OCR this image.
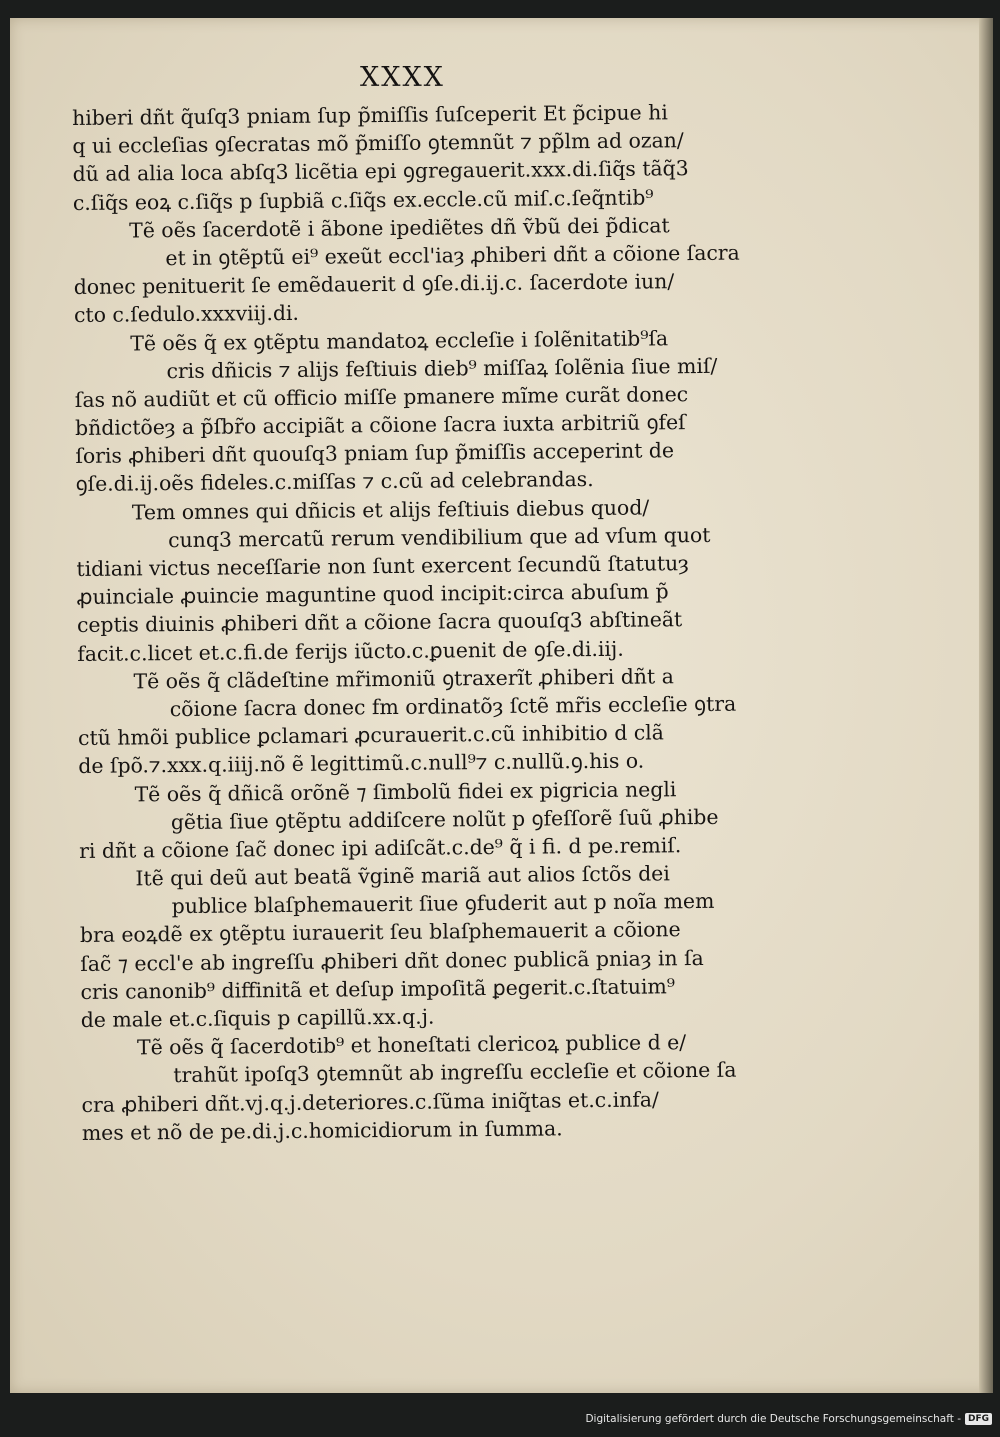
XXXX
hiberi dñt q̃uſq3 pniam ſup p̃miſſis ſuſceperit Et p̃cipue hi
q ui eccleſias ꝯſecratas mõ p̃miſſo ꝯtemnũt ⁊ pp̃lm ad ozan/
dũ ad alia loca abſq3 licẽtia epi ꝯgregauerit.xxx.di.ſiq̃s tãq̃3
c.ſiq̃s eoꝝ c.ſiq̃s p ſupbiã c.ſiq̃s ex.eccle.cũ miſ.c.ſeq̃ntib⁹
Tẽ oẽs ſacerdotẽ i ãbone ipediẽtes dñ ṽbũ dei p̃dicat
et in ꝯtẽptũ ei⁹ exeũt eccl'iaȝ ꝓhiberi dñt a cõione ſacra
donec penituerit ſe emẽdauerit d ꝯſe.di.ij.c. ſacerdote iun/
cto c.ſedulo.xxxviij.di.
Tẽ oẽs q̃ ex ꝯtẽptu mandatoꝝ eccleſie i ſolẽnitatib⁹ſa
cris dñicis ⁊ alijs feſtiuis dieb⁹ miſſaꝝ ſolẽnia ſiue miſ/
ſas nõ audiũt et cũ officio miſſe pmanere mĩme curãt donec
bñdictõeȝ a p̃ſbr̃o accipiãt a cõione ſacra iuxta arbitriũ ꝯfeſ
ſoris ꝓhiberi dñt quouſq3 pniam ſup p̃miſſis acceperint de
ꝯſe.di.ij.oẽs fideles.c.miſſas ⁊ c.cũ ad celebrandas.
Tem omnes qui dñicis et alijs feſtiuis diebus quod/
cunq3 mercatũ rerum vendibilium que ad vſum quot
tidiani victus neceſſarie non ſunt exercent ſecundũ ſtatutuȝ
ꝓuinciale ꝓuincie maguntine quod incipit:circa abuſum p̃
ceptis diuinis ꝓhiberi dñt a cõione ſacra quouſq3 abſtineãt
facit.c.licet et.c.fi.de ferijs iũcto.c.ꝑuenit de ꝯſe.di.iij.
Tẽ oẽs q̃ clãdeſtine mr̃imoniũ ꝯtraxerĩt ꝓhiberi dñt a
cõione ſacra donec fm ordinatõȝ ſctẽ mr̃is eccleſie ꝯtra
ctũ hmõi publice ꝑclamari ꝓcurauerit.c.cũ inhibitio d clã
de ſpõ.⁊.xxx.q.iiij.nõ ẽ legittimũ.c.null⁹⁊ c.nullũ.ꝯ.his o.
Tẽ oẽs q̃ dñicã orõnẽ ⁊ ſimbolũ fidei ex pigricia negli
gẽtia ſiue ꝯtẽptu addiſcere nolũt p ꝯfeſſorẽ ſuũ ꝓhibe
ri dñt a cõione ſac̃ donec ipi adiſcãt.c.de⁹ q̃ i fi. d pe.remiſ.
Itẽ qui deũ aut beatã ṽginẽ mariã aut alios ſctõs dei
publice blaſphemauerit ſiue ꝯfuderit aut p noĩa mem
bra eoꝝdẽ ex ꝯtẽptu iurauerit ſeu blaſphemauerit a cõione
ſac̃ ⁊ eccl'e ab ingreſſu ꝓhiberi dñt donec publicã pniaȝ in ſa
cris canonib⁹ diffinitã et deſup impoſitã ꝑegerit.c.ſtatuim⁹
de male et.c.ſiquis p capillũ.xx.q.j.
Tẽ oẽs q̃ ſacerdotib⁹ et honeſtati clericoꝝ publice d e/
trahũt ipoſq3 ꝯtemnũt ab ingreſſu eccleſie et cõione ſa
cra ꝓhiberi dñt.vj.q.j.deteriores.c.ſũma iniq̃tas et.c.infa/
mes et nõ de pe.di.j.c.homicidiorum in ſumma.
Digitalisierung gefördert durch die Deutsche Forschungsgemeinschaft - DFG
